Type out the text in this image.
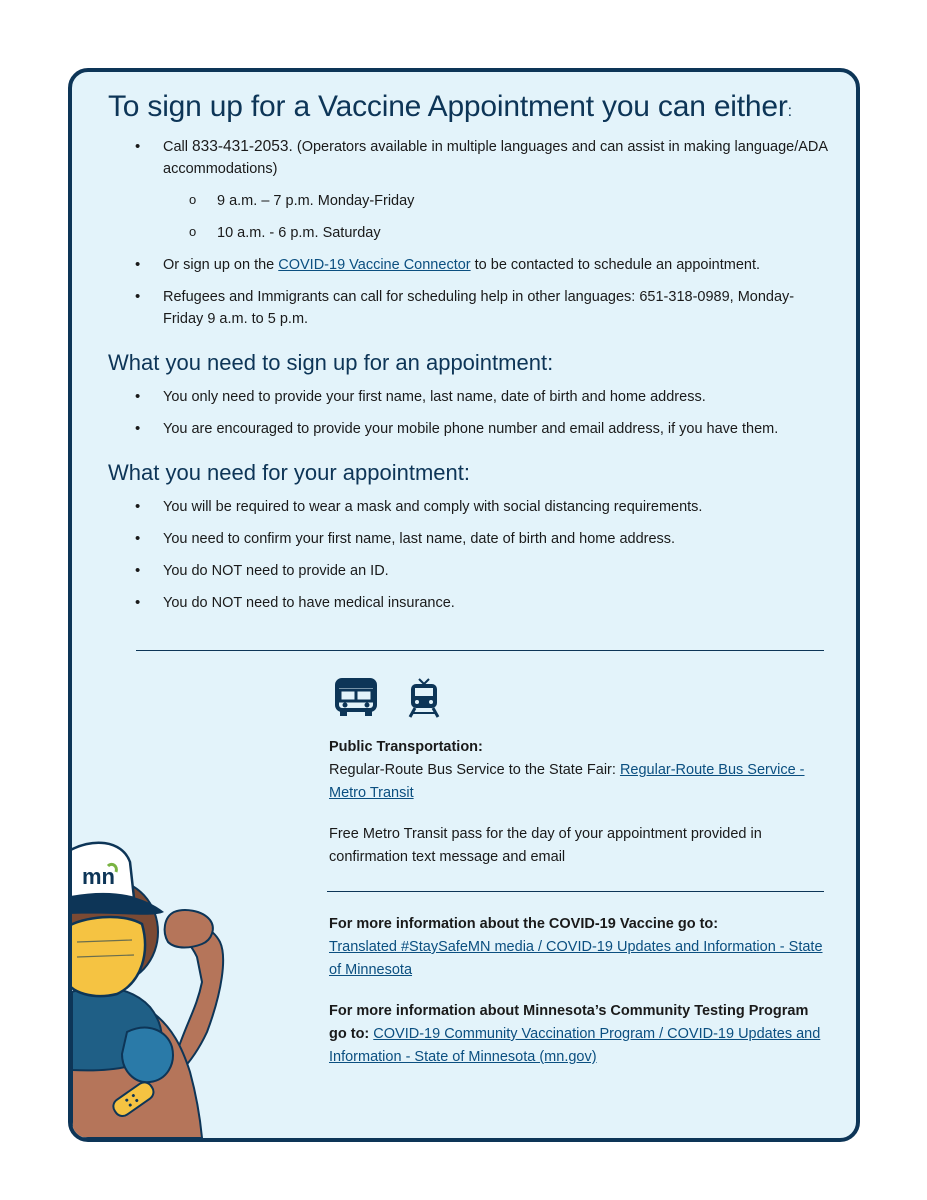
To sign up for a Vaccine Appointment you can either:
• Call 833-431-2053. (Operators available in multiple languages and can assist in making language/ADA accommodations)
o 9 a.m. – 7 p.m. Monday-Friday
o 10 a.m. - 6 p.m. Saturday
• Or sign up on the COVID-19 Vaccine Connector to be contacted to schedule an appointment.
• Refugees and Immigrants can call for scheduling help in other languages: 651-318-0989, Monday-Friday 9 a.m. to 5 p.m.
What you need to sign up for an appointment:
• You only need to provide your first name, last name, date of birth and home address.
• You are encouraged to provide your mobile phone number and email address, if you have them.
What you need for your appointment:
• You will be required to wear a mask and comply with social distancing requirements.
• You need to confirm your first name, last name, date of birth and home address.
• You do NOT need to provide an ID.
• You do NOT need to have medical insurance.

Public Transportation:
Regular-Route Bus Service to the State Fair: Regular-Route Bus Service - Metro Transit

Free Metro Transit pass for the day of your appointment provided in confirmation text message and email

For more information about the COVID-19 Vaccine go to:
Translated #StaySafeMN media / COVID-19 Updates and Information - State of Minnesota

For more information about Minnesota’s Community Testing Program go to: COVID-19 Community Vaccination Program / COVID-19 Updates and Information - State of Minnesota (mn.gov)

mn
